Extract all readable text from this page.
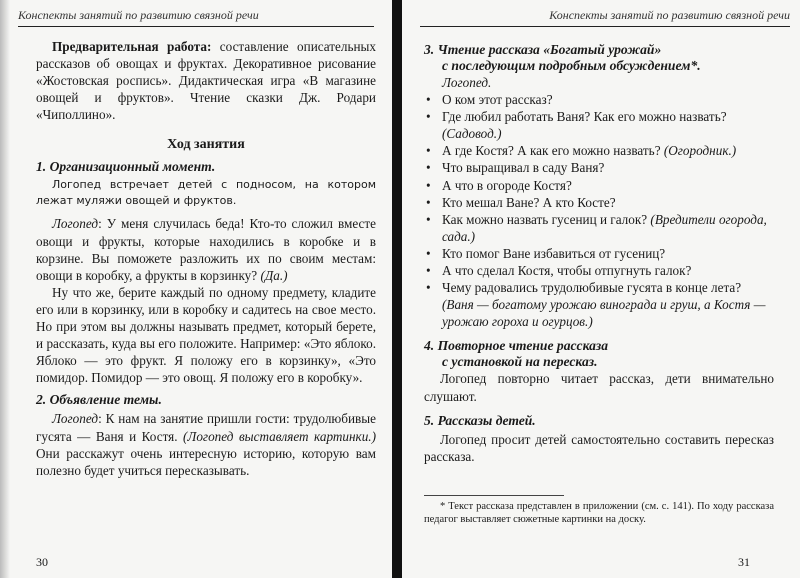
Конспекты занятий по развитию связной речи

Предварительная работа: составление описательных рассказов об овощах и фруктах. Декоративное рисование «Жостовская роспись». Дидактическая игра «В магазине овощей и фруктов». Чтение сказки Дж. Родари «Чиполлино».

Ход занятия
1. Организационный момент.

Логопед встречает детей с подносом, на котором лежат муляжи овощей и фруктов.

Логопед: У меня случилась беда! Кто-то сложил вместе овощи и фрукты, которые находились в коробке и в корзине. Вы поможете разложить их по своим местам: овощи в коробку, а фрукты в корзинку? (Да.)

Ну что же, берите каждый по одному предмету, кладите его или в корзинку, или в коробку и садитесь на свое место. Но при этом вы должны называть предмет, который берете, и рассказать, куда вы его положите. Например: «Это яблоко. Яблоко — это фрукт. Я положу его в корзинку», «Это помидор. Помидор — это овощ. Я положу его в коробку».

2. Объявление темы.

Логопед: К нам на занятие пришли гости: трудолюбивые гусята — Ваня и Костя. (Логопед выставляет картинки.) Они расскажут очень интересную историю, которую вам полезно будет учиться пересказывать.

30
Конспекты занятий по развитию связной речи
3. Чтение рассказа «Богатый урожай»
с последующим подробным обсуждением*.

Логопед.

• О ком этот рассказ?
• Где любил работать Ваня? Как его можно назвать? (Садовод.)
• А где Костя? А как его можно назвать? (Огородник.)
• Что выращивал в саду Ваня?
• А что в огороде Костя?
• Кто мешал Ване? А кто Косте?
• Как можно назвать гусениц и галок? (Вредители огорода, сада.)
• Кто помог Ване избавиться от гусениц?
• А что сделал Костя, чтобы отпугнуть галок?
• Чему радовались трудолюбивые гусята в конце лета? (Ваня — богатому урожаю винограда и груш, а Костя — урожаю гороха и огурцов.)
4. Повторное чтение рассказа
с установкой на пересказ.

Логопед повторно читает рассказ, дети внимательно слушают.

5. Рассказы детей.

Логопед просит детей самостоятельно составить пересказ рассказа.

* Текст рассказа представлен в приложении (см. с. 141). По ходу рассказа педагог выставляет сюжетные картинки на доску.

31
